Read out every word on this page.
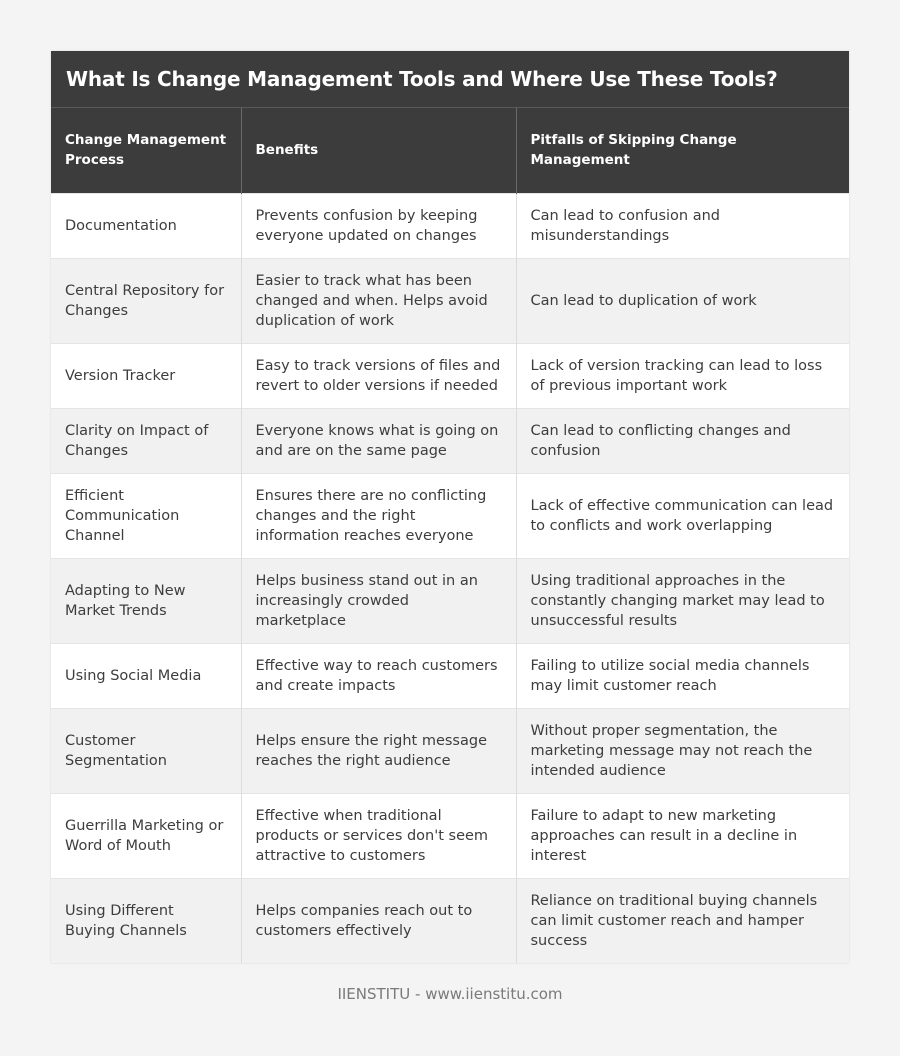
What Is Change Management Tools and Where Use These Tools?
Change Management Process	Benefits	Pitfalls of Skipping Change Management
Documentation	Prevents confusion by keeping everyone updated on changes	Can lead to confusion and misunderstandings
Central Repository for Changes	Easier to track what has been changed and when. Helps avoid duplication of work	Can lead to duplication of work
Version Tracker	Easy to track versions of files and revert to older versions if needed	Lack of version tracking can lead to loss of previous important work
Clarity on Impact of Changes	Everyone knows what is going on and are on the same page	Can lead to conflicting changes and confusion
Efficient Communication Channel	Ensures there are no conflicting changes and the right information reaches everyone	Lack of effective communication can lead to conflicts and work overlapping
Adapting to New Market Trends	Helps business stand out in an increasingly crowded marketplace	Using traditional approaches in the constantly changing market may lead to unsuccessful results
Using Social Media	Effective way to reach customers and create impacts	Failing to utilize social media channels may limit customer reach
Customer Segmentation	Helps ensure the right message reaches the right audience	Without proper segmentation, the marketing message may not reach the intended audience
Guerrilla Marketing or Word of Mouth	Effective when traditional products or services don't seem attractive to customers	Failure to adapt to new marketing approaches can result in a decline in interest
Using Different Buying Channels	Helps companies reach out to customers effectively	Reliance on traditional buying channels can limit customer reach and hamper success
IIENSTITU - www.iienstitu.com
